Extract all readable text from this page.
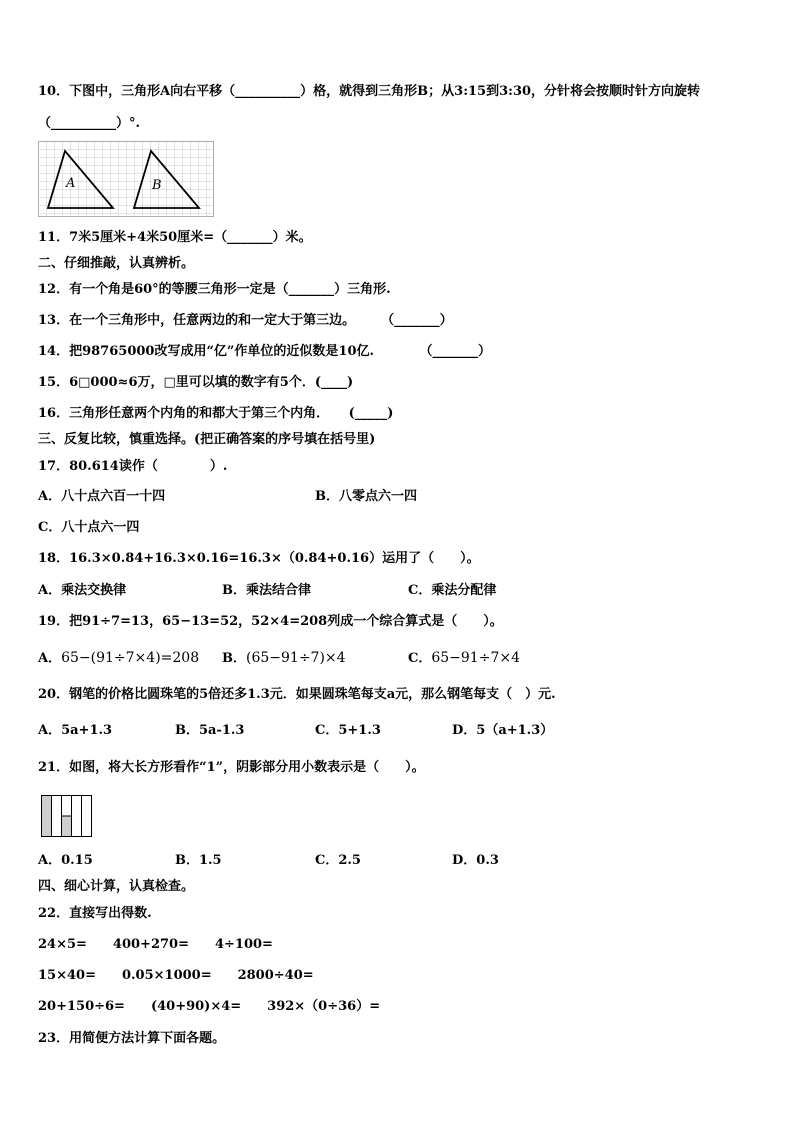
10．下图中，三角形A向右平移（__________）格，就得到三角形B；从3:15到3:30，分针将会按顺时针方向旋转
（__________）°.
A	B
11．7米5厘米+4米50厘米=（_______）米。
二、仔细推敲，认真辨析。
12．有一个角是60°的等腰三角形一定是（_______）三角形.
13．在一个三角形中，任意两边的和一定大于第三边。　　　（_______）
14．把98765000改写成用“亿”作单位的近似数是10亿.　　　　（_______）
15．6□000≈6万，□里可以填的数字有5个．(____)
16．三角形任意两个内角的和都大于第三个内角．　　(_____)
三、反复比较，慎重选择。(把正确答案的序号填在括号里)
17．80.614读作（　　　　）.
A．八十点六百一十四	B．八零点六一四
C．八十点六一四
18．16.3×0.84+16.3×0.16=16.3×（0.84+0.16）运用了（　　）。
A．乘法交换律	B．乘法结合律	C．乘法分配律
19．把91÷7=13，65−13=52，52×4=208列成一个综合算式是（　　）。
A．65−(91÷7×4)=208 B．(65−91÷7)×4	C．65−91÷7×4
20．钢笔的价格比圆珠笔的5倍还多1.3元．如果圆珠笔每支a元，那么钢笔每支（　）元.
A．5a+1.3	B．5a-1.3	C．5+1.3	D．5（a+1.3）
21．如图，将大长方形看作“1”，阴影部分用小数表示是（　　）。
A．0.15	B．1.5	C．2.5	D．0.3
四、细心计算，认真检查。
22．直接写出得数.
24×5=　　400+270=　　4÷100=
15×40=　　0.05×1000=　　2800÷40=
20+150÷6=　　(40+90)×4=　　392×（0÷36）=
23．用简便方法计算下面各题。
